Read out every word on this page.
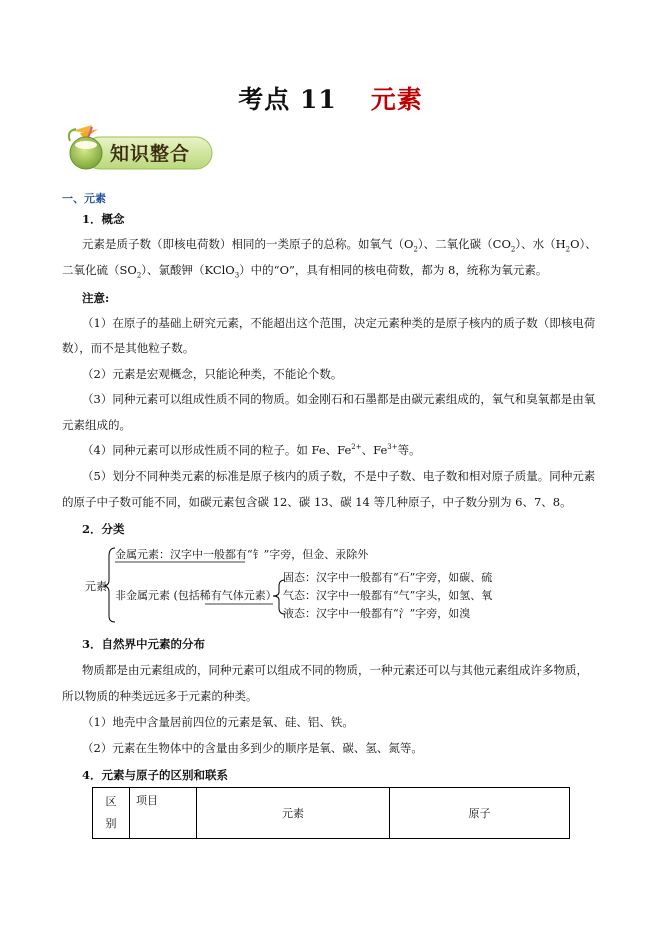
考点 11 元素
知识整合
一、元素
1．概念
元素是质子数（即核电荷数）相同的一类原子的总称。如氧气$(O_2)$、二氧化碳$(CO_2)$、水$(H_2O)$、
二氧化硫$(SO_2)$、氯酸钾（KClO$_3$）中的“O”，具有相同的核电荷数，都为 8，统称为氧元素。
注意:
（1）在原子的基础上研究元素，不能超出这个范围，决定元素种类的是原子核内的质子数（即核电荷
数），而不是其他粒子数。
（2）元素是宏观概念，只能论种类，不能论个数。
（3）同种元素可以组成性质不同的物质。如金刚石和石墨都是由碳元素组成的，氧气和臭氧都是由氧
元素组成的。
（4）同种元素可以形成性质不同的粒子。如 Fe、$Fe^{2+}$、$Fe^{3+}$等。
（5）划分不同种类元素的标准是原子核内的质子数，不是中子数、电子数和相对原子质量。同种元素
的原子中子数可能不同，如碳元素包含碳 12、碳 13、碳 14 等几种原子，中子数分别为 6、7、8。
2．分类
元素
金属元素：汉字中一般都有“钅”字旁，但金、汞除外
非金属元素 (包括稀有气体元素）
固态：汉字中一般都有“石”字旁，如碳、硫
气态：汉字中一般都有“气”字头，如氢、氧
液态：汉字中一般都有“氵”字旁，如溴
3．自然界中元素的分布
物质都是由元素组成的，同种元素可以组成不同的物质，一种元素还可以与其他元素组成许多物质，
所以物质的种类远远多于元素的种类。
（1）地壳中含量居前四位的元素是氧、硅、铝、铁。
（2）元素在生物体中的含量由多到少的顺序是氧、碳、氢、氮等。
4．元素与原子的区别和联系
区
别
	项目	元素	原子
